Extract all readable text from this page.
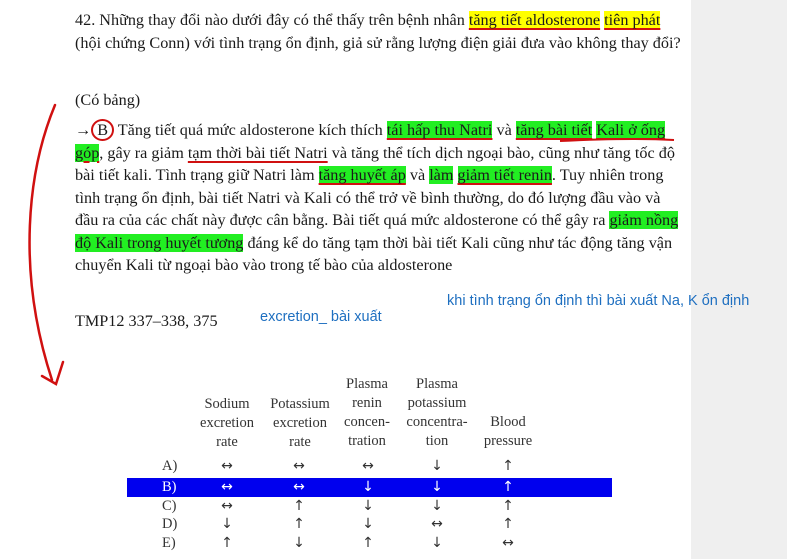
42. Những thay đổi nào dưới đây có thể thấy trên bệnh nhân tăng tiết aldosterone tiên phát (hội chứng Conn) với tình trạng ổn định, giả sử rằng lượng điện giải đưa vào không thay đổi?
(Có bảng)
→ B Tăng tiết quá mức aldosterone kích thích tái hấp thu Natri và tăng bài tiết Kali ở ống góp, gây ra giảm tạm thời bài tiết Natri và tăng thể tích dịch ngoại bào, cũng như tăng tốc độ bài tiết kali. Tình trạng giữ Natri làm tăng huyết áp và làm giảm tiết renin. Tuy nhiên trong tình trạng ổn định, bài tiết Natri và Kali có thể trở về bình thường, do đó lượng đầu vào và đầu ra của các chất này được cân bằng. Bài tiết quá mức aldosterone có thể gây ra giảm nồng độ Kali trong huyết tương đáng kể do tăng tạm thời bài tiết Kali cũng như tác động tăng vận chuyển Kali từ ngoại bào vào trong tế bào của aldosterone
TMP12 337–338, 375
khi tình trạng ổn định thì bài xuất Na, K ổn định
excretion_ bài xuất
Sodium
excretion
rate
Potassium
excretion
rate
Plasma
renin
concen-
tration
Plasma
potassium
concentra-
tion
Blood
pressure
A)	↔	↔	↔	↓	↑
B)	↔	↔	↓	↓	↑
C)	↔	↑	↓	↓	↑
D)	↓	↑	↓	↔	↑
E)	↑	↓	↑	↓	↔
